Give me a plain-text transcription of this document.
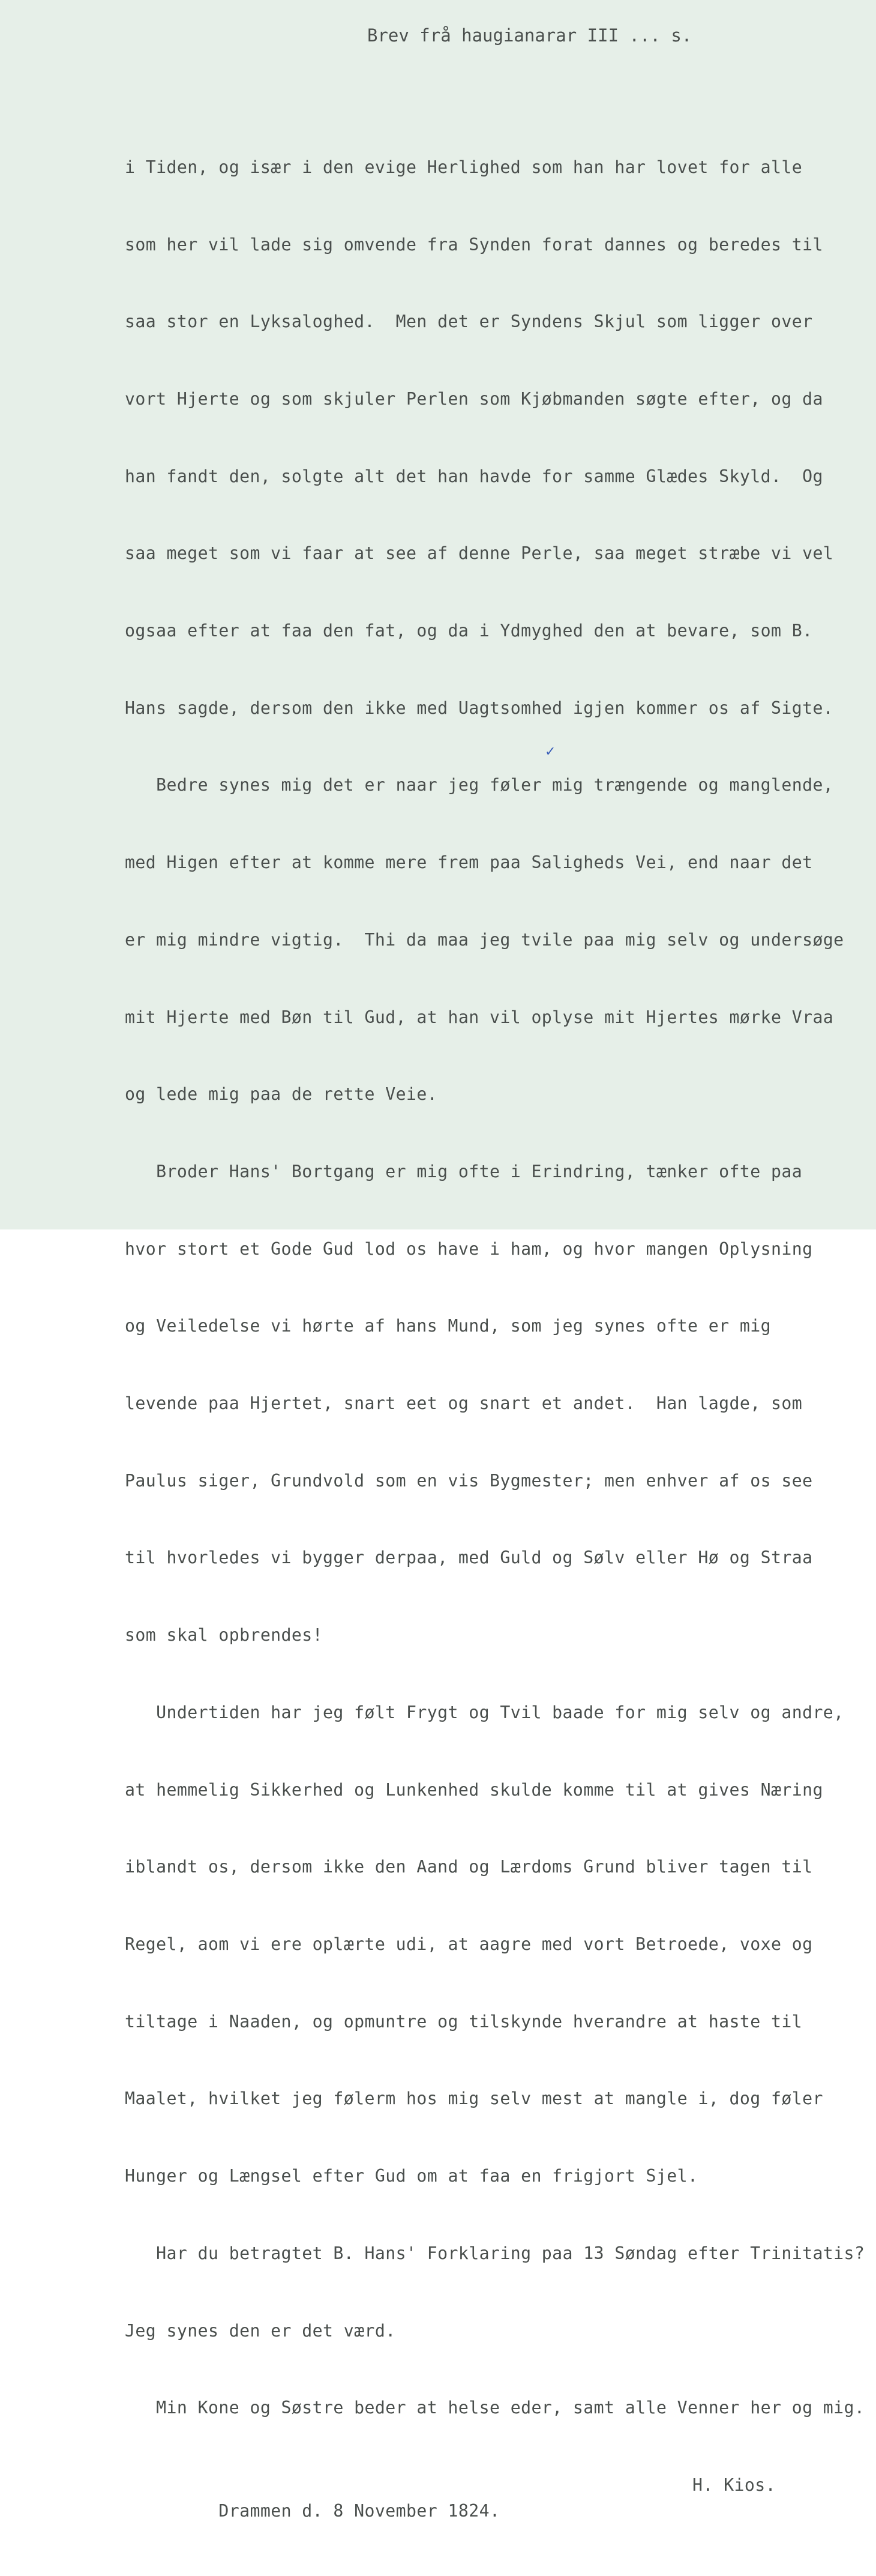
Brev frå haugianarar III ... s.

i Tiden, og især i den evige Herlighed som han har lovet for alle

som her vil lade sig omvende fra Synden forat dannes og beredes til

saa stor en Lyksaloghed.  Men det er Syndens Skjul som ligger over

vort Hjerte og som skjuler Perlen som Kjøbmanden søgte efter, og da

han fandt den, solgte alt det han havde for samme Glædes Skyld.  Og

saa meget som vi faar at see af denne Perle, saa meget stræbe vi vel

ogsaa efter at faa den fat, og da i Ydmyghed den at bevare, som B.

Hans sagde, dersom den ikke med Uagtsomhed igjen kommer os af Sigte.

Bedre synes mig det er naar jeg føler mig trængende og manglende,

med Higen efter at komme mere frem paa Saligheds Vei, end naar det

er mig mindre vigtig.  Thi da maa jeg tvile paa mig selv og undersøge

mit Hjerte med Bøn til Gud, at han vil oplyse mit Hjertes mørke Vraa

og lede mig paa de rette Veie.

Broder Hans' Bortgang er mig ofte i Erindring, tænker ofte paa

hvor stort et Gode Gud lod os have i ham, og hvor mangen Oplysning

og Veiledelse vi hørte af hans Mund, som jeg synes ofte er mig

levende paa Hjertet, snart eet og snart et andet.  Han lagde, som

Paulus siger, Grundvold som en vis Bygmester; men enhver af os see

til hvorledes vi bygger derpaa, med Guld og Sølv eller Hø og Straa

som skal opbrendes!

Undertiden har jeg følt Frygt og Tvil baade for mig selv og andre,

at hemmelig Sikkerhed og Lunkenhed skulde komme til at gives Næring

iblandt os, dersom ikke den Aand og Lærdoms Grund bliver tagen til

Regel, aom vi ere oplærte udi, at aagre med vort Betroede, voxe og

tiltage i Naaden, og opmuntre og tilskynde hverandre at haste til

Maalet, hvilket jeg følerm hos mig selv mest at mangle i, dog føler

Hunger og Længsel efter Gud om at faa en frigjort Sjel.

Har du betragtet B. Hans' Forklaring paa 13 Søndag efter Trinitatis?

Jeg synes den er det værd.

Min Kone og Søstre beder at helse eder, samt alle Venner her og mig.

Drammen d. 8 November 1824.

H. Kios.

✓
